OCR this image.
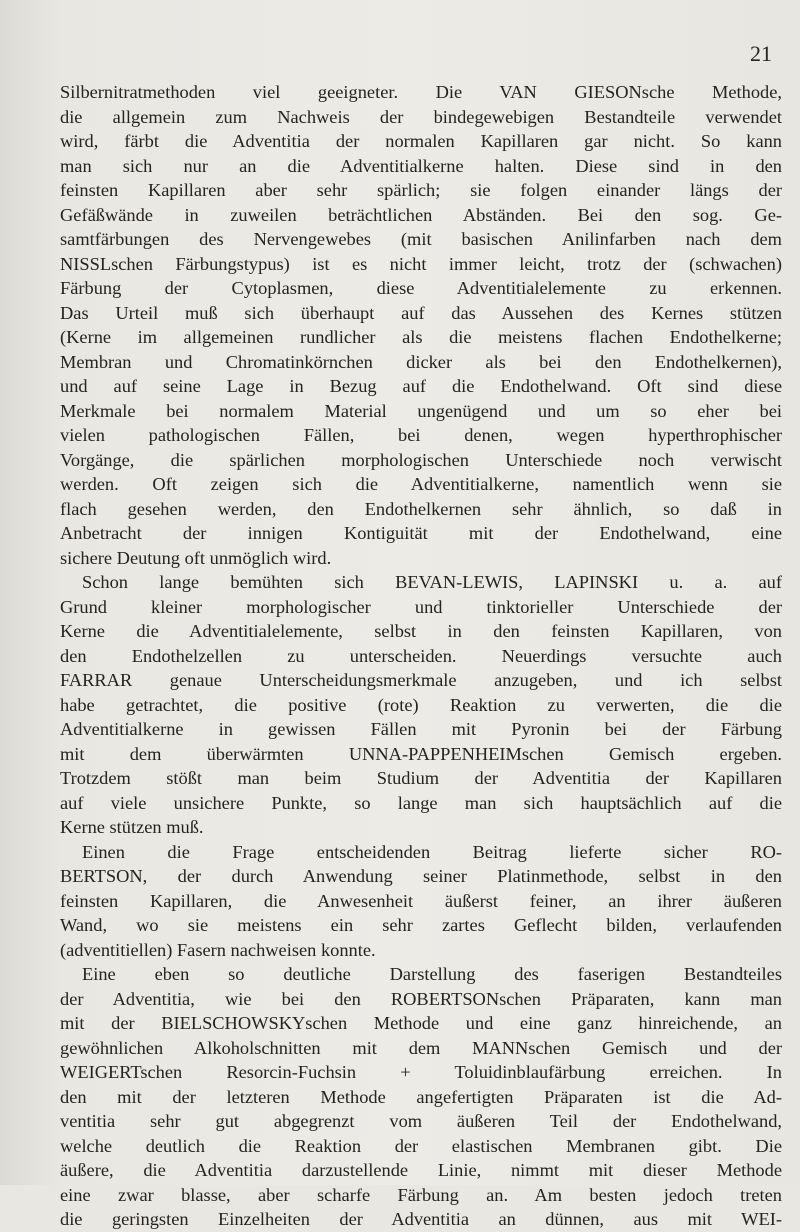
21
Silbernitratmethoden viel geeigneter. Die VAN GIESONsche Methode,
die allgemein zum Nachweis der bindegewebigen Bestandteile verwendet
wird, färbt die Adventitia der normalen Kapillaren gar nicht. So kann
man sich nur an die Adventitialkerne halten. Diese sind in den
feinsten Kapillaren aber sehr spärlich; sie folgen einander längs der
Gefäßwände in zuweilen beträchtlichen Abständen. Bei den sog. Ge-
samtfärbungen des Nervengewebes (mit basischen Anilinfarben nach dem
NISSLschen Färbungstypus) ist es nicht immer leicht, trotz der (schwachen)
Färbung der Cytoplasmen, diese Adventitialelemente zu erkennen.
Das Urteil muß sich überhaupt auf das Aussehen des Kernes stützen
(Kerne im allgemeinen rundlicher als die meistens flachen Endothelkerne;
Membran und Chromatinkörnchen dicker als bei den Endothelkernen),
und auf seine Lage in Bezug auf die Endothelwand. Oft sind diese
Merkmale bei normalem Material ungenügend und um so eher bei
vielen pathologischen Fällen, bei denen, wegen hyperthrophischer
Vorgänge, die spärlichen morphologischen Unterschiede noch verwischt
werden. Oft zeigen sich die Adventitialkerne, namentlich wenn sie
flach gesehen werden, den Endothelkernen sehr ähnlich, so daß in
Anbetracht der innigen Kontiguität mit der Endothelwand, eine
sichere Deutung oft unmöglich wird.
Schon lange bemühten sich BEVAN-LEWIS, LAPINSKI u. a. auf
Grund kleiner morphologischer und tinktorieller Unterschiede der
Kerne die Adventitialelemente, selbst in den feinsten Kapillaren, von
den Endothelzellen zu unterscheiden. Neuerdings versuchte auch
FARRAR genaue Unterscheidungsmerkmale anzugeben, und ich selbst
habe getrachtet, die positive (rote) Reaktion zu verwerten, die die
Adventitialkerne in gewissen Fällen mit Pyronin bei der Färbung
mit dem überwärmten UNNA-PAPPENHEIMschen Gemisch ergeben.
Trotzdem stößt man beim Studium der Adventitia der Kapillaren
auf viele unsichere Punkte, so lange man sich hauptsächlich auf die
Kerne stützen muß.
Einen die Frage entscheidenden Beitrag lieferte sicher RO-
BERTSON, der durch Anwendung seiner Platinmethode, selbst in den
feinsten Kapillaren, die Anwesenheit äußerst feiner, an ihrer äußeren
Wand, wo sie meistens ein sehr zartes Geflecht bilden, verlaufenden
(adventitiellen) Fasern nachweisen konnte.
Eine eben so deutliche Darstellung des faserigen Bestandteiles
der Adventitia, wie bei den ROBERTSONschen Präparaten, kann man
mit der BIELSCHOWSKYschen Methode und eine ganz hinreichende, an
gewöhnlichen Alkoholschnitten mit dem MANNschen Gemisch und der
WEIGERTschen Resorcin-Fuchsin + Toluidinblaufärbung erreichen. In
den mit der letzteren Methode angefertigten Präparaten ist die Ad-
ventitia sehr gut abgegrenzt vom äußeren Teil der Endothelwand,
welche deutlich die Reaktion der elastischen Membranen gibt. Die
äußere, die Adventitia darzustellende Linie, nimmt mit dieser Methode
eine zwar blasse, aber scharfe Färbung an. Am besten jedoch treten
die geringsten Einzelheiten der Adventitia an dünnen, aus mit WEI-
